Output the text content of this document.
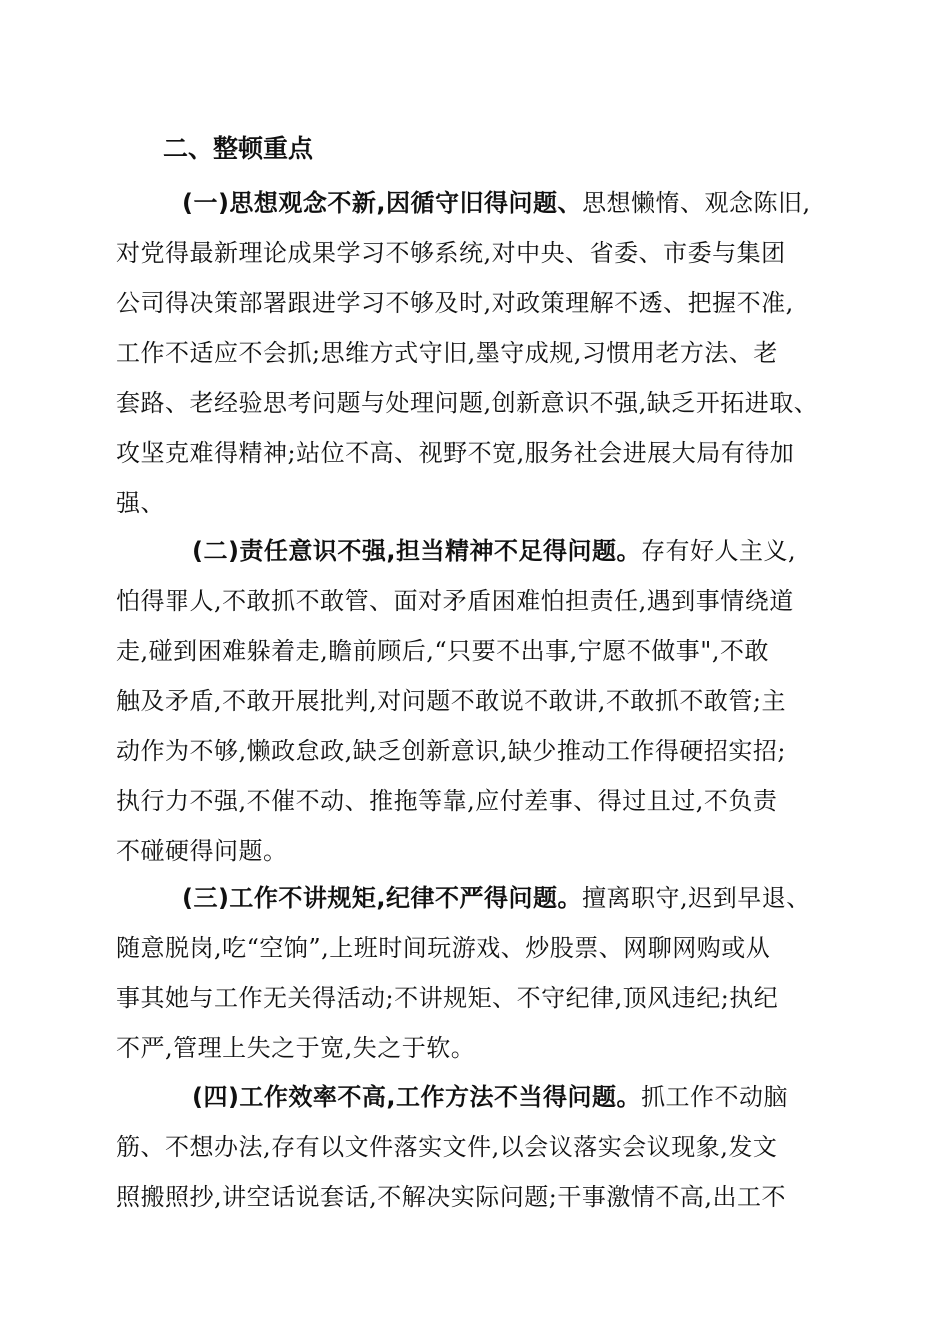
二、整顿重点
(一)思想观念不新,因循守旧得问题、思想懒惰、观念陈旧,
对党得最新理论成果学习不够系统,对中央、省委、市委与集团
公司得决策部署跟进学习不够及时,对政策理解不透、把握不准,
工作不适应不会抓;思维方式守旧,墨守成规,习惯用老方法、老
套路、老经验思考问题与处理问题,创新意识不强,缺乏开拓进取、
攻坚克难得精神;站位不高、视野不宽,服务社会进展大局有待加
强、
(二)责任意识不强,担当精神不足得问题。存有好人主义,
怕得罪人,不敢抓不敢管、面对矛盾困难怕担责任,遇到事情绕道
走,碰到困难躲着走,瞻前顾后,“只要不出事,宁愿不做事",不敢
触及矛盾,不敢开展批判,对问题不敢说不敢讲,不敢抓不敢管;主
动作为不够,懒政怠政,缺乏创新意识,缺少推动工作得硬招实招;
执行力不强,不催不动、推拖等靠,应付差事、得过且过,不负责
不碰硬得问题。
(三)工作不讲规矩,纪律不严得问题。擅离职守,迟到早退、
随意脱岗,吃“空饷”,上班时间玩游戏、炒股票、网聊网购或从
事其她与工作无关得活动;不讲规矩、不守纪律,顶风违纪;执纪
不严,管理上失之于宽,失之于软。
(四)工作效率不高,工作方法不当得问题。抓工作不动脑
筋、不想办法,存有以文件落实文件,以会议落实会议现象,发文
照搬照抄,讲空话说套话,不解决实际问题;干事激情不高,出工不
